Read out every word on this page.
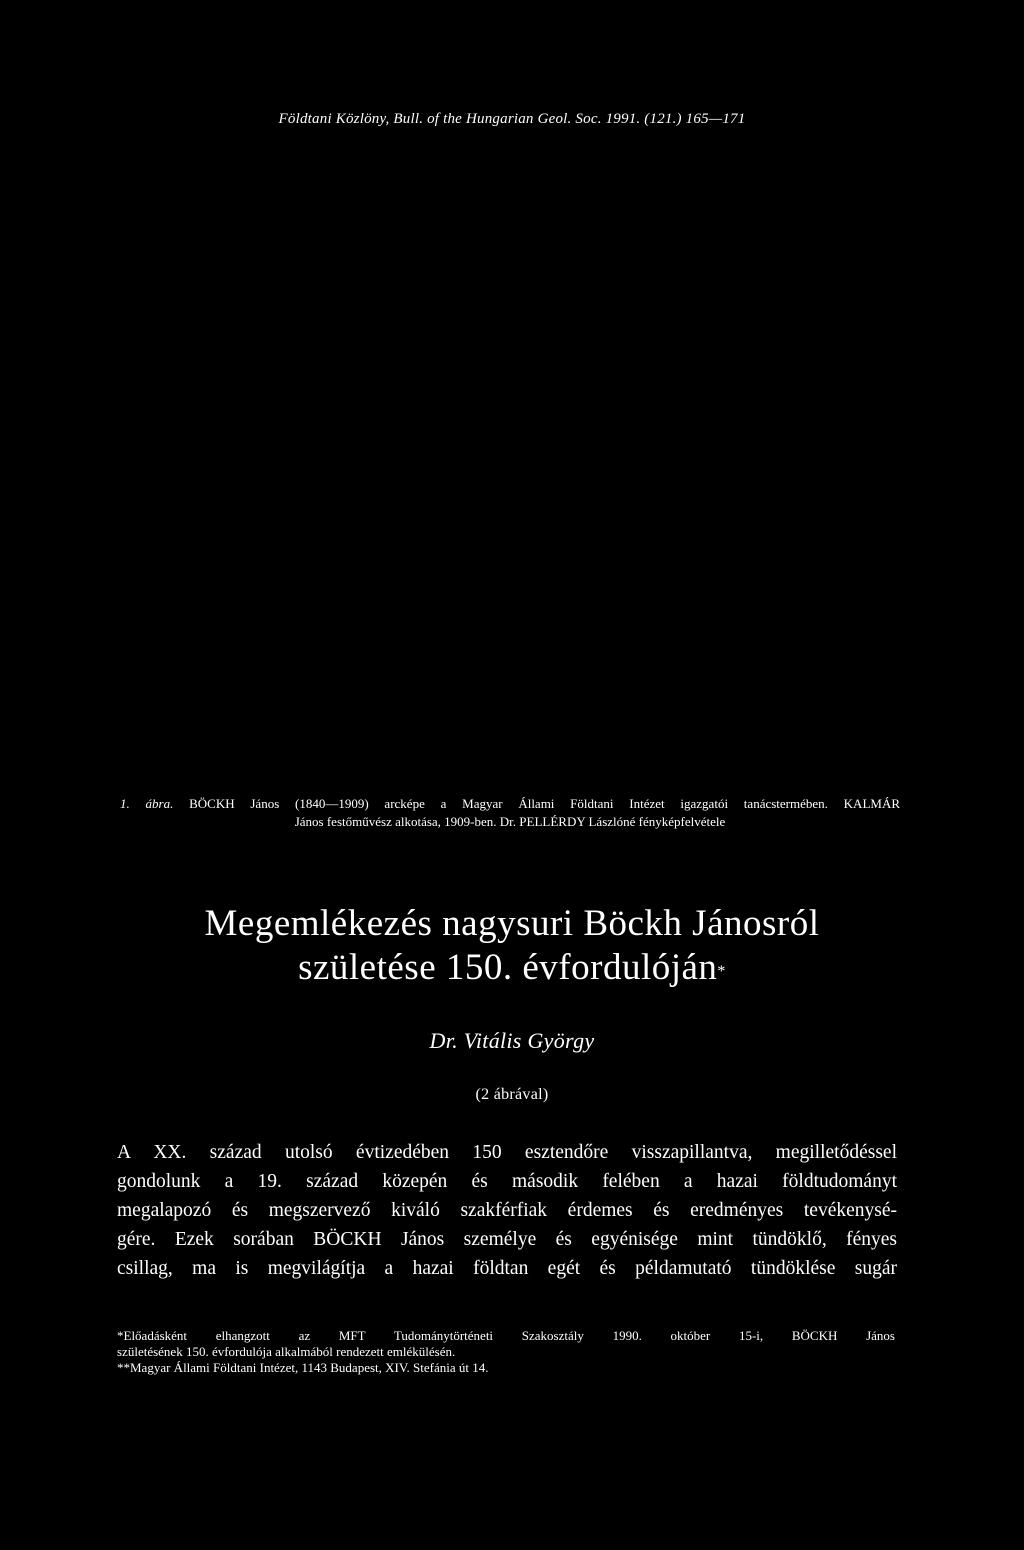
Földtani Közlöny, Bull. of the Hungarian Geol. Soc. 1991. (121.) 165—171
1. ábra. BÖCKH János (1840—1909) arcképe a Magyar Állami Földtani Intézet igazgatói tanácstermében. KALMÁR
János festőművész alkotása, 1909-ben. Dr. PELLÉRDY Lászlóné fényképfelvétele
Megemlékezés nagysuri Böckh Jánosról
születése 150. évfordulóján*
Dr. Vitális György
(2 ábrával)
A XX. század utolsó évtizedében 150 esztendőre visszapillantva, megilletődéssel
gondolunk a 19. század közepén és második felében a hazai földtudományt
megalapozó és megszervező kiváló szakférfiak érdemes és eredményes tevékenysé-
gére. Ezek sorában BÖCKH János személye és egyénisége mint tündöklő, fényes
csillag, ma is megvilágítja a hazai földtan egét és példamutató tündöklése sugár
*Előadásként elhangzott az MFT Tudománytörténeti Szakosztály 1990. október 15-i, BÖCKH János
születésének 150. évfordulója alkalmából rendezett emlékülésén.
**Magyar Állami Földtani Intézet, 1143 Budapest, XIV. Stefánia út 14.
